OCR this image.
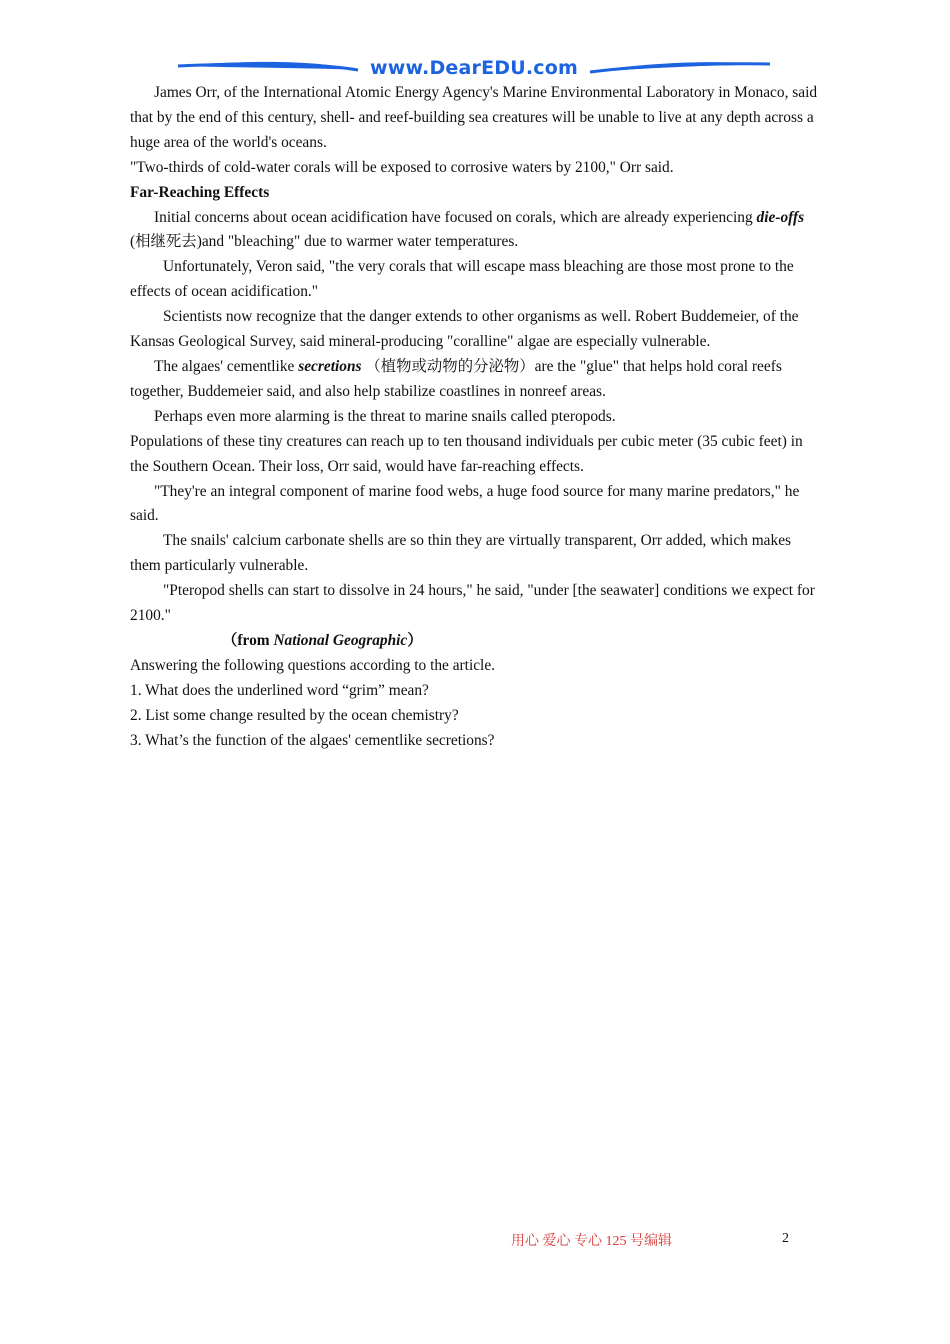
www.DearEDU.com

James Orr, of the International Atomic Energy Agency's Marine Environmental Laboratory in Monaco, said that by the end of this century, shell- and reef-building sea creatures will be unable to live at any depth across a huge area of the world's oceans.

"Two-thirds of cold-water corals will be exposed to corrosive waters by 2100," Orr said.

Far-Reaching Effects

Initial concerns about ocean acidification have focused on corals, which are already experiencing die-offs (相继死去)and "bleaching" due to warmer water temperatures.

Unfortunately, Veron said, "the very corals that will escape mass bleaching are those most prone to the effects of ocean acidification."

Scientists now recognize that the danger extends to other organisms as well. Robert Buddemeier, of the Kansas Geological Survey, said mineral-producing "coralline" algae are especially vulnerable.

The algaes' cementlike secretions （植物或动物的分泌物）are the "glue" that helps hold coral reefs together, Buddemeier said, and also help stabilize coastlines in nonreef areas.

Perhaps even more alarming is the threat to marine snails called pteropods.

Populations of these tiny creatures can reach up to ten thousand individuals per cubic meter (35 cubic feet) in the Southern Ocean. Their loss, Orr said, would have far-reaching effects.

"They're an integral component of marine food webs, a huge food source for many marine predators," he said.

The snails' calcium carbonate shells are so thin they are virtually transparent, Orr added, which makes them particularly vulnerable.

"Pteropod shells can start to dissolve in 24 hours," he said, "under [the seawater] conditions we expect for 2100."

（from National Geographic）

Answering the following questions according to the article.

1. What does the underlined word “grim” mean?

2. List some change resulted by the ocean chemistry?

3. What’s the function of the algaes' cementlike secretions?

用心 爱心 专心 125 号编辑	2
